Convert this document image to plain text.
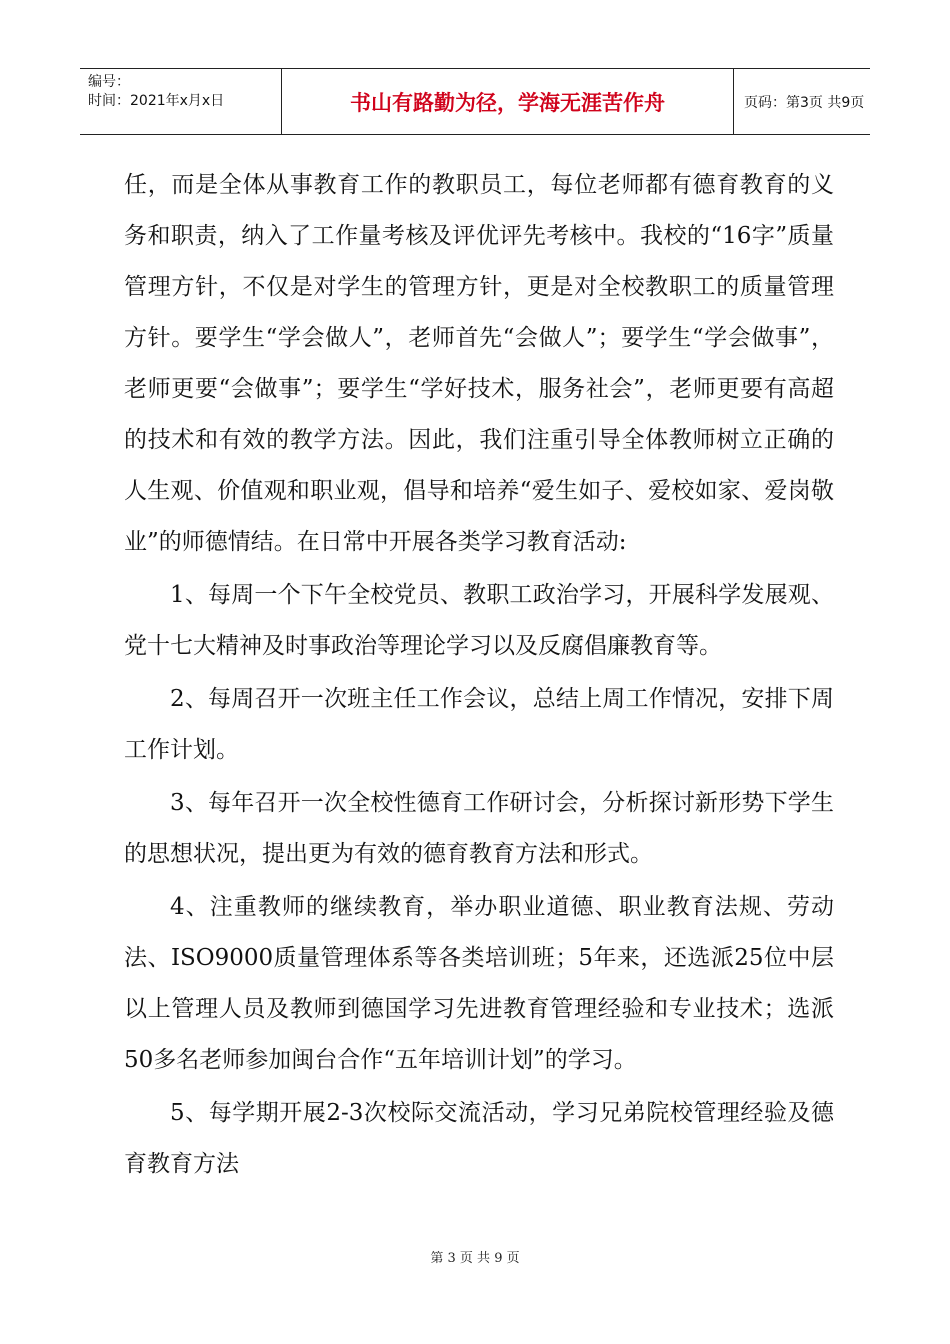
编号：
时间：2021年x月x日	书山有路勤为径，学海无涯苦作舟	页码：第3页 共9页

任，而是全体从事教育工作的教职员工，每位老师都有德育教育的义务和职责，纳入了工作量考核及评优评先考核中。我校的“16字”质量管理方针，不仅是对学生的管理方针，更是对全校教职工的质量管理方针。要学生“学会做人”，老师首先“会做人”；要学生“学会做事”，老师更要“会做事”；要学生“学好技术，服务社会”，老师更要有高超的技术和有效的教学方法。因此，我们注重引导全体教师树立正确的人生观、价值观和职业观，倡导和培养“爱生如子、爱校如家、爱岗敬业”的师德情结。在日常中开展各类学习教育活动:

1、每周一个下午全校党员、教职工政治学习，开展科学发展观、党十七大精神及时事政治等理论学习以及反腐倡廉教育等。

2、每周召开一次班主任工作会议，总结上周工作情况，安排下周工作计划。

3、每年召开一次全校性德育工作研讨会，分析探讨新形势下学生的思想状况，提出更为有效的德育教育方法和形式。

4、注重教师的继续教育，举办职业道德、职业教育法规、劳动法、ISO9000质量管理体系等各类培训班；5年来，还选派25位中层以上管理人员及教师到德国学习先进教育管理经验和专业技术；选派50多名老师参加闽台合作“五年培训计划”的学习。

5、每学期开展2-3次校际交流活动，学习兄弟院校管理经验及德育教育方法

第 3 页 共 9 页
